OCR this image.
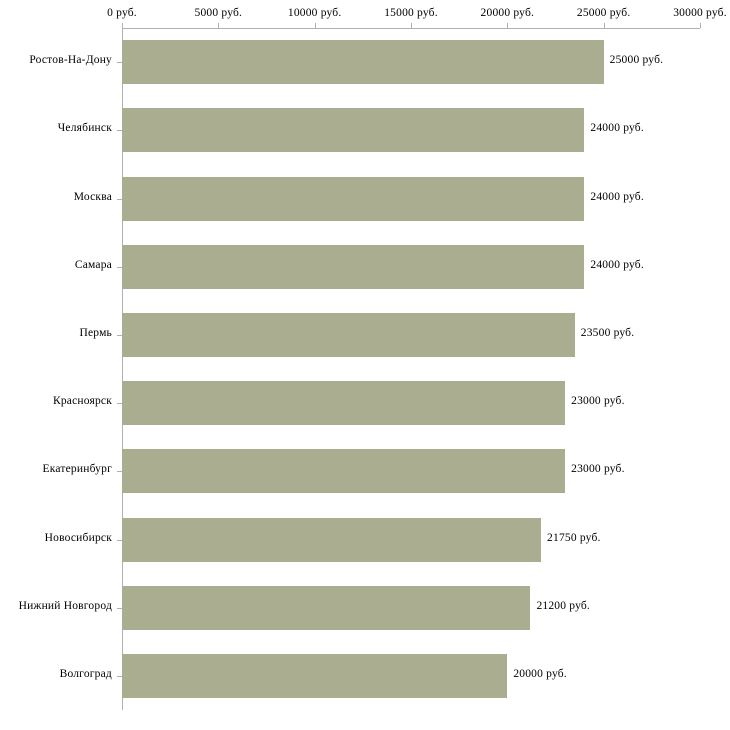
0 руб.	5000 руб.	10000 руб.	15000 руб.	20000 руб.	25000 руб.	30000 руб.
Ростов-На-Дону
Челябинск
Москва
Самара
Пермь
Красноярск
Екатеринбург
Новосибирск
Нижний Новгород
Волгоград
25000 руб.
24000 руб.
24000 руб.
24000 руб.
23500 руб.
23000 руб.
23000 руб.
21750 руб.
21200 руб.
20000 руб.
